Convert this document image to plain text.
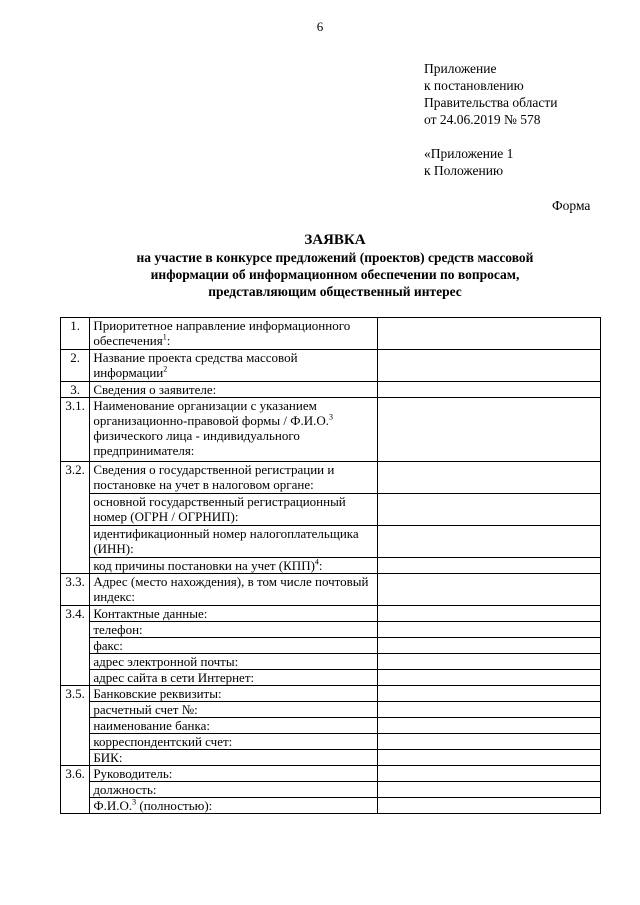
6
Приложение
к постановлению
Правительства области
от 24.06.2019 № 578
«Приложение 1
к Положению
Форма
ЗАЯВКА
на участие в конкурсе предложений (проектов) средств массовой
информации об информационном обеспечении по вопросам,
представляющим общественный интерес
1.	Приоритетное направление информационного обеспечения$^1$:	
2.	Название проекта средства массовой информации$^2$	
3.	Сведения о заявителе:	
3.1.	Наименование организации с указанием организационно-правовой формы / Ф.И.О.$^3$ физического лица - индивидуального предпринимателя:	
3.2.	Сведения о государственной регистрации и постановке на учет в налоговом органе:	
	основной государственный регистрационный номер (ОГРН / ОГРНИП):	
	идентификационный номер налогоплательщика (ИНН):	
	код причины постановки на учет (КПП)$^4$:	
3.3.	Адрес (место нахождения), в том числе почтовый индекс:	
3.4.	Контактные данные:	
	телефон:	
	факс:	
	адрес электронной почты:	
	адрес сайта в сети Интернет:	
3.5.	Банковские реквизиты:	
	расчетный счет №:	
	наименование банка:	
	корреспондентский счет:	
	БИК:	
3.6.	Руководитель:	
	должность:	
	Ф.И.О.$^3$ (полностью):	
